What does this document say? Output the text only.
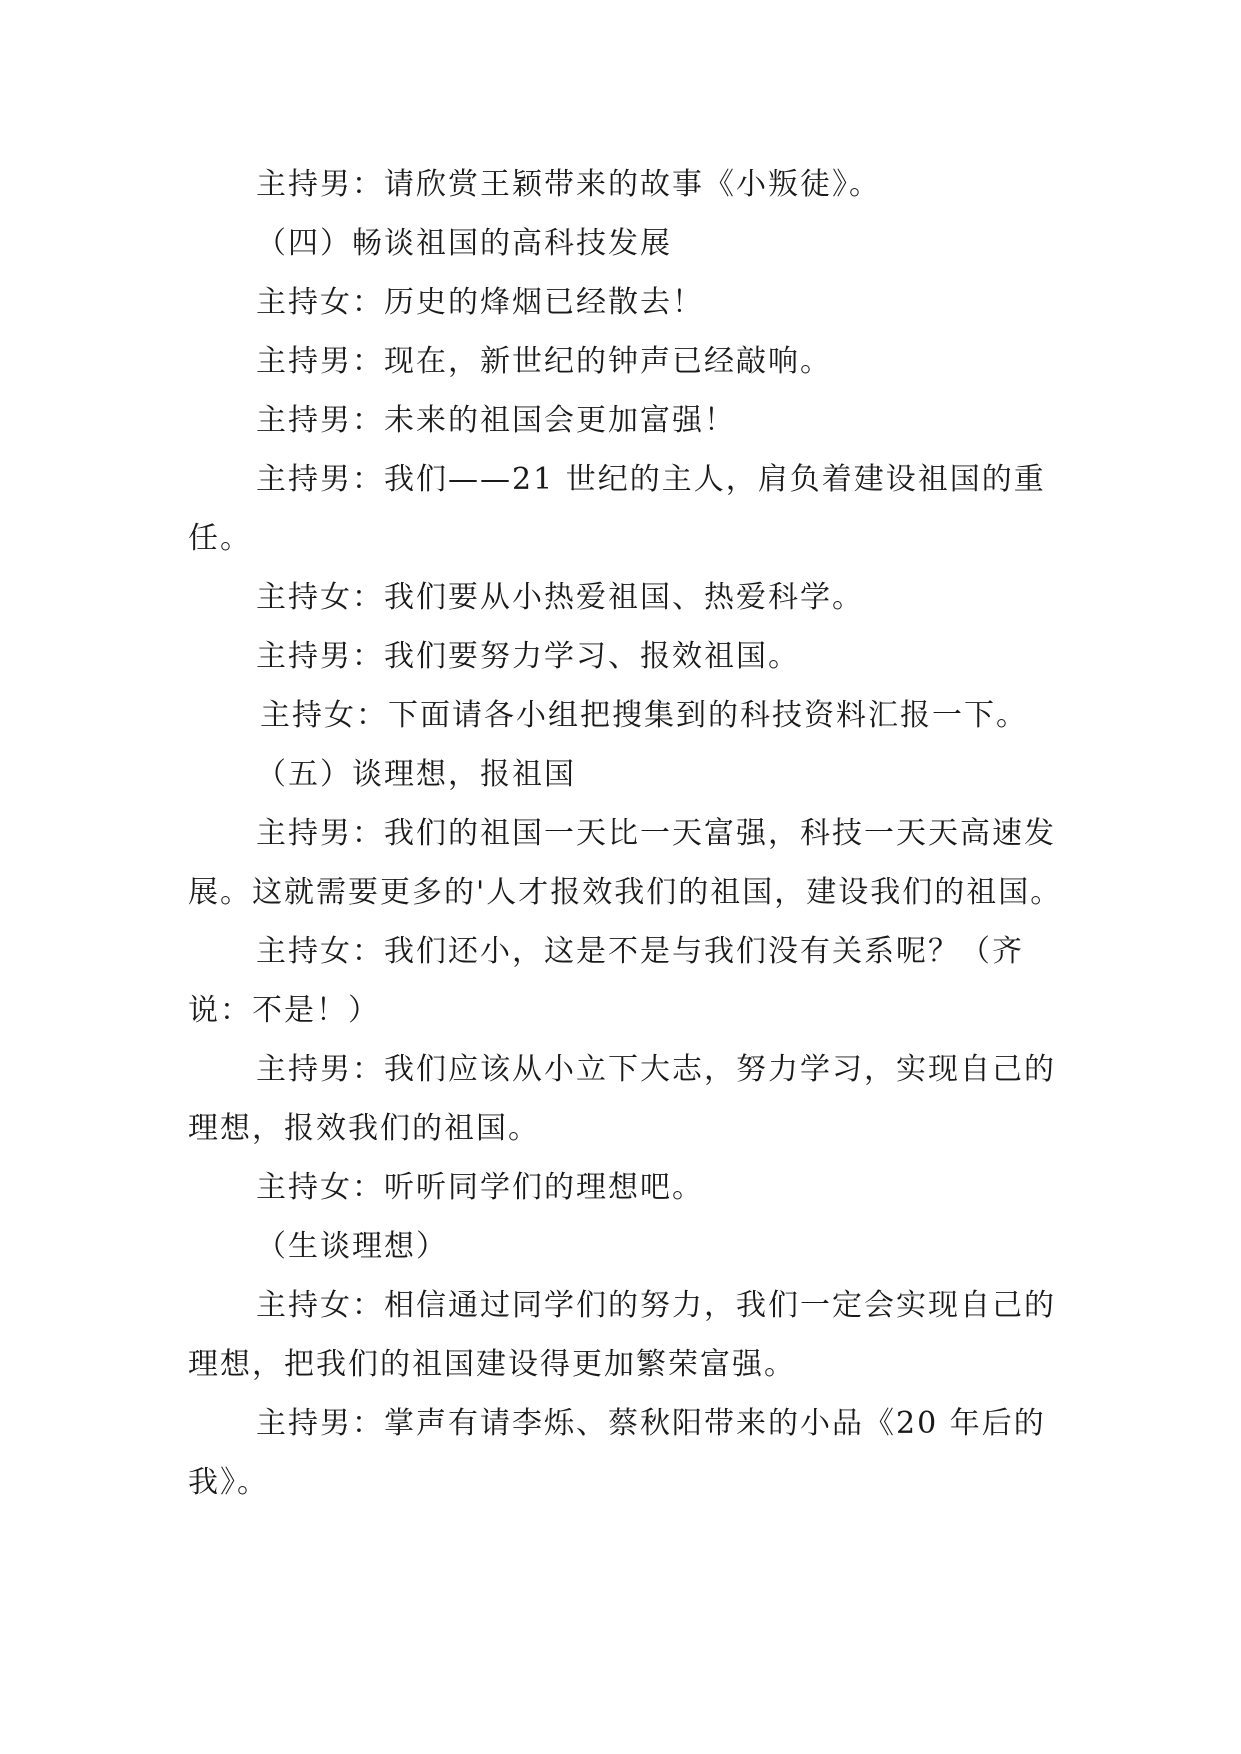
主持男：请欣赏王颖带来的故事《小叛徒》。

（四）畅谈祖国的高科技发展

主持女：历史的烽烟已经散去！

主持男：现在，新世纪的钟声已经敲响。

主持男：未来的祖国会更加富强！

主持男：我们——21 世纪的主人，肩负着建设祖国的重任。

主持女：我们要从小热爱祖国、热爱科学。

主持男：我们要努力学习、报效祖国。

主持女：下面请各小组把搜集到的科技资料汇报一下。

（五）谈理想，报祖国

主持男：我们的祖国一天比一天富强，科技一天天高速发展。这就需要更多的'人才报效我们的祖国，建设我们的祖国。

主持女：我们还小，这是不是与我们没有关系呢？（齐说：不是！）

主持男：我们应该从小立下大志，努力学习，实现自己的理想，报效我们的祖国。

主持女：听听同学们的理想吧。

（生谈理想）

主持女：相信通过同学们的努力，我们一定会实现自己的理想，把我们的祖国建设得更加繁荣富强。

主持男：掌声有请李烁、蔡秋阳带来的小品《20 年后的我》。
